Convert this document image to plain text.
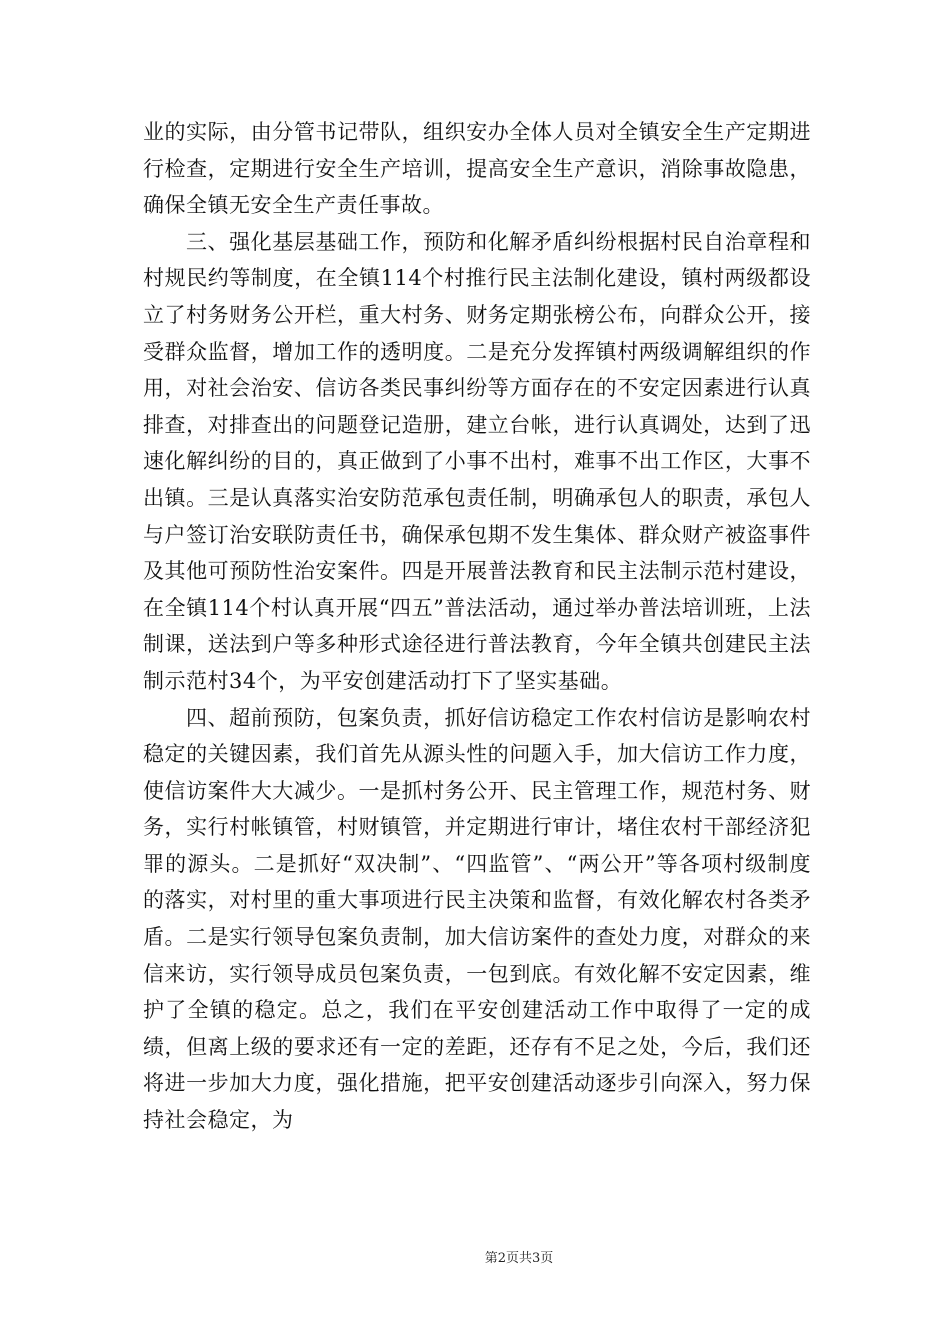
业的实际，由分管书记带队，组织安办全体人员对全镇安全生产定期进行检查，定期进行安全生产培训，提高安全生产意识，消除事故隐患，确保全镇无安全生产责任事故。

三、强化基层基础工作，预防和化解矛盾纠纷根据村民自治章程和村规民约等制度，在全镇114个村推行民主法制化建设，镇村两级都设立了村务财务公开栏，重大村务、财务定期张榜公布，向群众公开，接受群众监督，增加工作的透明度。二是充分发挥镇村两级调解组织的作用，对社会治安、信访各类民事纠纷等方面存在的不安定因素进行认真排查，对排查出的问题登记造册，建立台帐，进行认真调处，达到了迅速化解纠纷的目的，真正做到了小事不出村，难事不出工作区，大事不出镇。三是认真落实治安防范承包责任制，明确承包人的职责，承包人与户签订治安联防责任书，确保承包期不发生集体、群众财产被盗事件及其他可预防性治安案件。四是开展普法教育和民主法制示范村建设，在全镇114个村认真开展“四五”普法活动，通过举办普法培训班，上法制课，送法到户等多种形式途径进行普法教育，今年全镇共创建民主法制示范村34个，为平安创建活动打下了坚实基础。

四、超前预防，包案负责，抓好信访稳定工作农村信访是影响农村稳定的关键因素，我们首先从源头性的问题入手，加大信访工作力度，使信访案件大大减少。一是抓村务公开、民主管理工作，规范村务、财务，实行村帐镇管，村财镇管，并定期进行审计，堵住农村干部经济犯罪的源头。二是抓好“双决制”、“四监管”、“两公开”等各项村级制度的落实，对村里的重大事项进行民主决策和监督，有效化解农村各类矛盾。二是实行领导包案负责制，加大信访案件的查处力度，对群众的来信来访，实行领导成员包案负责，一包到底。有效化解不安定因素，维护了全镇的稳定。总之，我们在平安创建活动工作中取得了一定的成绩，但离上级的要求还有一定的差距，还存有不足之处，今后，我们还将进一步加大力度，强化措施，把平安创建活动逐步引向深入，努力保持社会稳定，为

第2页共3页
